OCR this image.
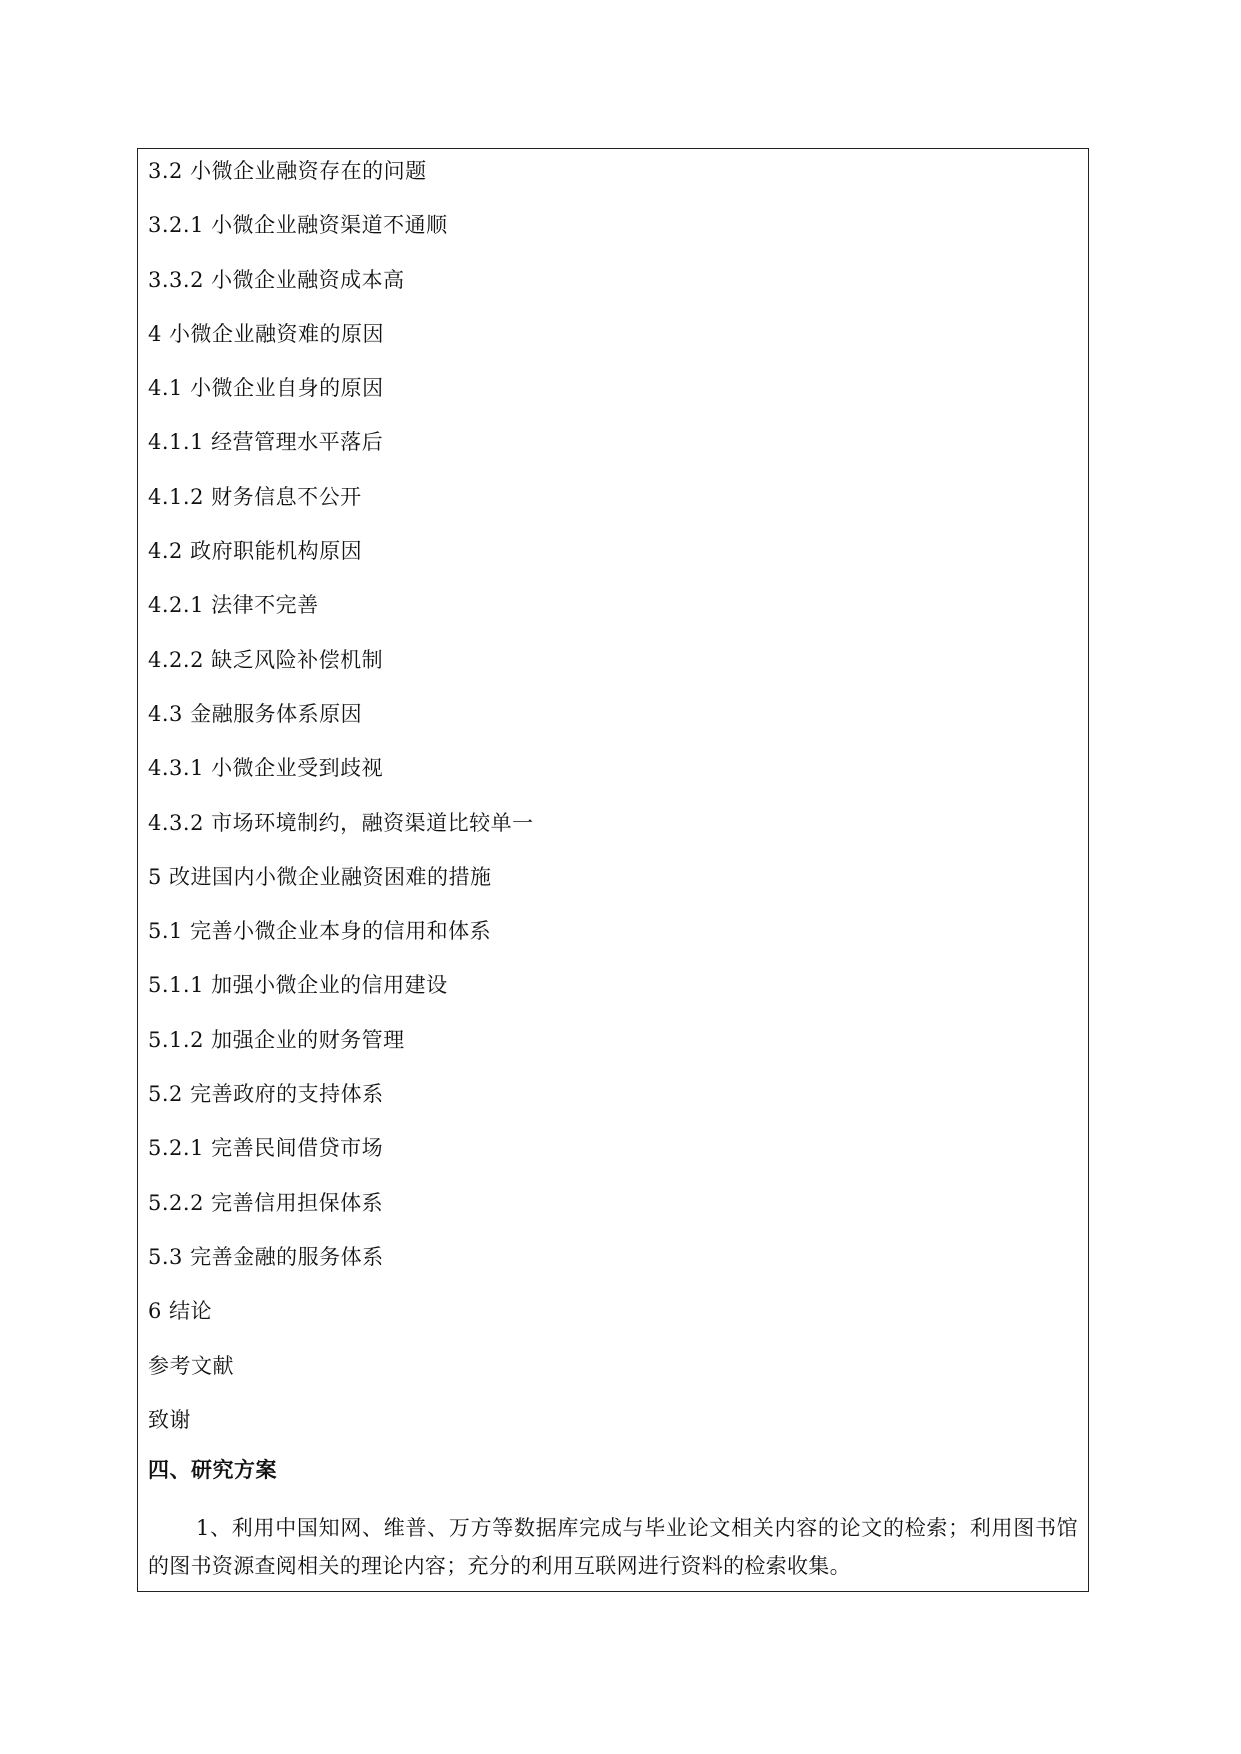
3.2 小微企业融资存在的问题
3.2.1 小微企业融资渠道不通顺
3.3.2 小微企业融资成本高
4 小微企业融资难的原因
4.1 小微企业自身的原因
4.1.1 经营管理水平落后
4.1.2 财务信息不公开
4.2 政府职能机构原因
4.2.1 法律不完善
4.2.2 缺乏风险补偿机制
4.3 金融服务体系原因
4.3.1 小微企业受到歧视
4.3.2 市场环境制约，融资渠道比较单一
5 改进国内小微企业融资困难的措施
5.1 完善小微企业本身的信用和体系
5.1.1 加强小微企业的信用建设
5.1.2 加强企业的财务管理
5.2 完善政府的支持体系
5.2.1 完善民间借贷市场
5.2.2 完善信用担保体系
5.3 完善金融的服务体系
6 结论
参考文献
致谢
四、研究方案

1、利用中国知网、维普、万方等数据库完成与毕业论文相关内容的论文的检索；利用图书馆的图书资源查阅相关的理论内容；充分的利用互联网进行资料的检索收集。
